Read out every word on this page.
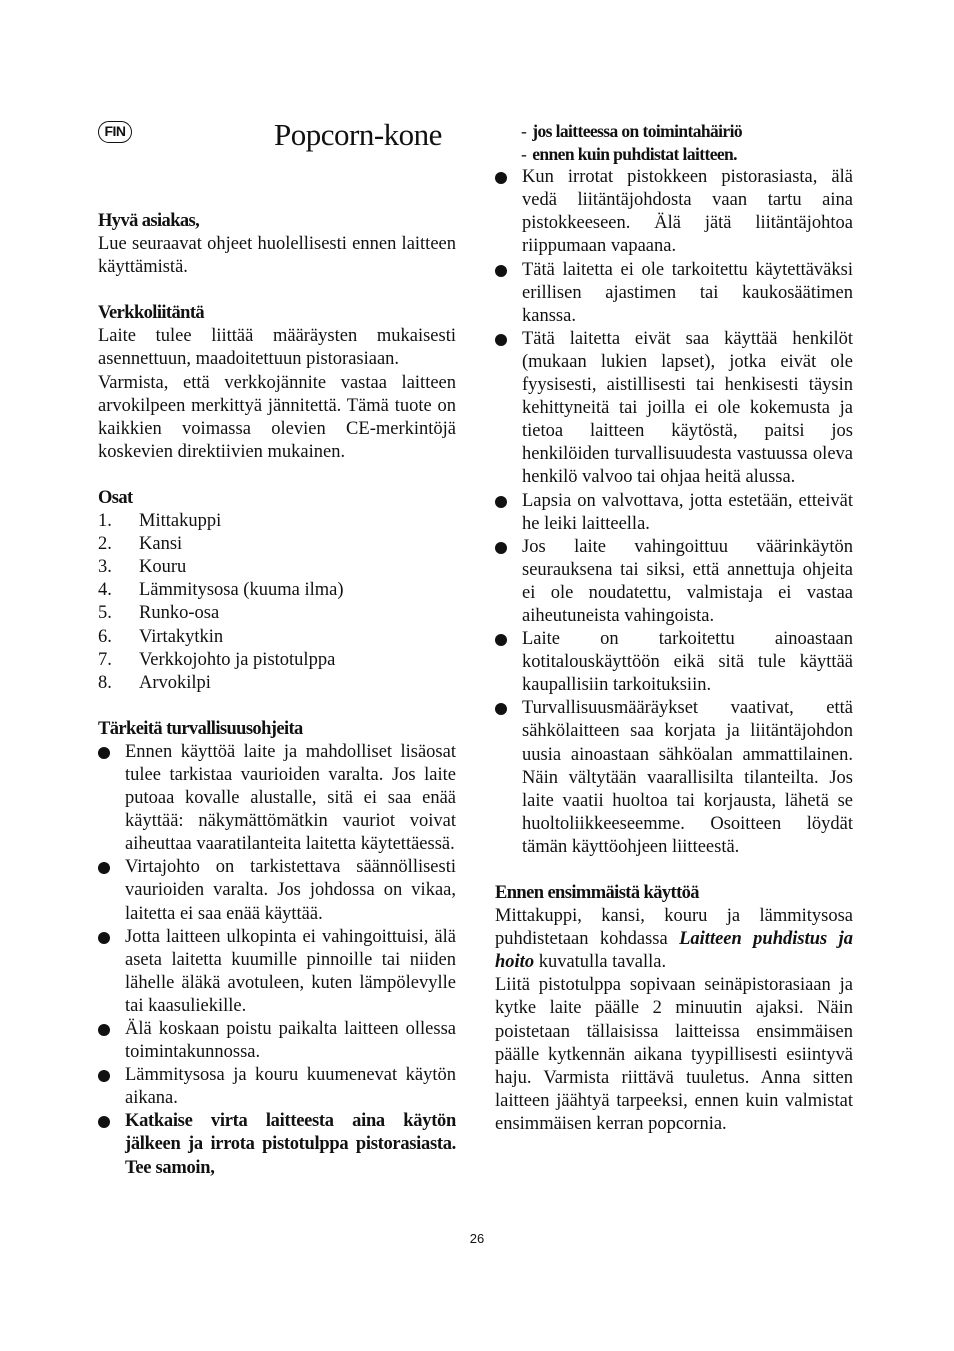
FIN	Popcorn-kone

Hyvä asiakas,

Lue seuraavat ohjeet huolellisesti ennen laitteen käyttämistä.

Verkkoliitäntä

Laite tulee liittää määräysten mukaisesti asennettuun, maadoitettuun pistorasiaan.

Varmista, että verkkojännite vastaa laitteen arvokilpeen merkittyä jännitettä. Tämä tuote on kaikkien voimassa olevien CE-merkintöjä koskevien direktiivien mukainen.

Osat

1.	Mittakuppi
2.	Kansi
3.	Kouru
4.	Lämmitysosa (kuuma ilma)
5.	Runko-osa
6.	Virtakytkin
7.	Verkkojohto ja pistotulppa
8.	Arvokilpi

Tärkeitä turvallisuusohjeita

Ennen käyttöä laite ja mahdolliset lisäosat tulee tarkistaa vaurioiden varalta. Jos laite putoaa kovalle alustalle, sitä ei saa enää käyttää: näkymättömätkin vauriot voivat aiheuttaa vaaratilanteita laitetta käytettäessä.
Virtajohto on tarkistettava säännöllisesti vaurioiden varalta. Jos johdossa on vikaa, laitetta ei saa enää käyttää.
Jotta laitteen ulkopinta ei vahingoittuisi, älä aseta laitetta kuumille pinnoille tai niiden lähelle äläkä avotuleen, kuten lämpölevylle tai kaasuliekille.
Älä koskaan poistu paikalta laitteen ollessa toimintakunnossa.
Lämmitysosa ja kouru kuumenevat käytön aikana.
Katkaise virta laitteesta aina käytön jälkeen ja irrota pistotulppa pistorasiasta. Tee samoin,
- jos laitteessa on toimintahäiriö
- ennen kuin puhdistat laitteen.
Kun irrotat pistokkeen pistorasiasta, älä vedä liitäntäjohdosta vaan tartu aina pistokkeeseen. Älä jätä liitäntäjohtoa riippumaan vapaana.
Tätä laitetta ei ole tarkoitettu käytettäväksi erillisen ajastimen tai kaukosäätimen kanssa.
Tätä laitetta eivät saa käyttää henkilöt (mukaan lukien lapset), jotka eivät ole fyysisesti, aistillisesti tai henkisesti täysin kehittyneitä tai joilla ei ole kokemusta ja tietoa laitteen käytöstä, paitsi jos henkilöiden turvallisuudesta vastuussa oleva henkilö valvoo tai ohjaa heitä alussa.
Lapsia on valvottava, jotta estetään, etteivät he leiki laitteella.
Jos laite vahingoittuu väärinkäytön seurauksena tai siksi, että annettuja ohjeita ei ole noudatettu, valmistaja ei vastaa aiheutuneista vahingoista.
Laite on tarkoitettu ainoastaan kotitalouskäyttöön eikä sitä tule käyttää kaupallisiin tarkoituksiin.
Turvallisuusmääräykset vaativat, että sähkölaitteen saa korjata ja liitäntäjohdon uusia ainoastaan sähköalan ammattilainen. Näin vältytään vaarallisilta tilanteilta. Jos laite vaatii huoltoa tai korjausta, lähetä se huoltoliikkeeseemme. Osoitteen löydät tämän käyttöohjeen liitteestä.

Ennen ensimmäistä käyttöä

Mittakuppi, kansi, kouru ja lämmitysosa puhdistetaan kohdassa Laitteen puhdistus ja hoito kuvatulla tavalla.

Liitä pistotulppa sopivaan seinäpistorasiaan ja kytke laite päälle 2 minuutin ajaksi. Näin poistetaan tällaisissa laitteissa ensimmäisen päälle kytkennän aikana tyypillisesti esiintyvä haju. Varmista riittävä tuuletus. Anna sitten laitteen jäähtyä tarpeeksi, ennen kuin valmistat ensimmäisen kerran popcornia.

26
